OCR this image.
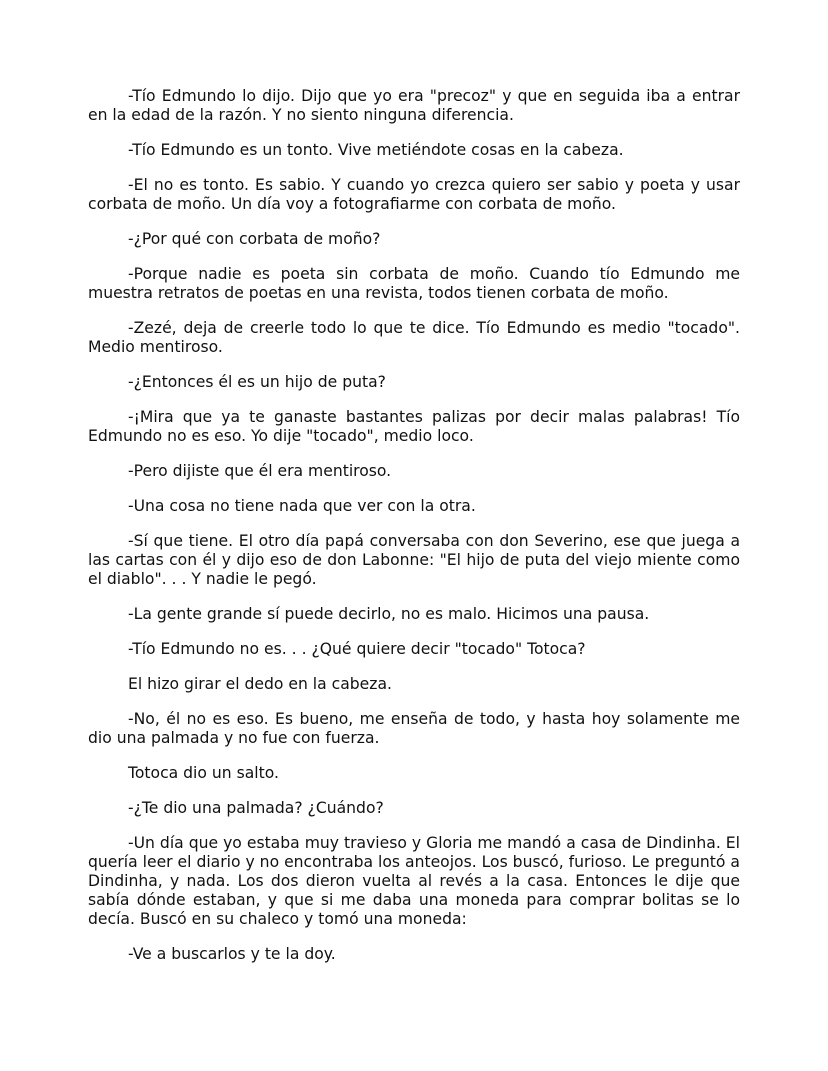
-Tío Edmundo lo dijo. Dijo que yo era "precoz" y que en seguida iba a entrar en la edad de la razón. Y no siento ninguna diferencia.

-Tío Edmundo es un tonto. Vive metiéndote cosas en la cabeza.

-El no es tonto. Es sabio. Y cuando yo crezca quiero ser sabio y poeta y usar corbata de moño. Un día voy a fotografiarme con corbata de moño.

-¿Por qué con corbata de moño?

-Porque nadie es poeta sin corbata de moño. Cuando tío Edmundo me muestra retratos de poetas en una revista, todos tienen corbata de moño.

-Zezé, deja de creerle todo lo que te dice. Tío Edmundo es medio "tocado". Medio mentiroso.

-¿Entonces él es un hijo de puta?

-¡Mira que ya te ganaste bastantes palizas por decir malas palabras! Tío Edmundo no es eso. Yo dije "tocado", medio loco.

-Pero dijiste que él era mentiroso.

-Una cosa no tiene nada que ver con la otra.

-Sí que tiene. El otro día papá conversaba con don Severino, ese que juega a las cartas con él y dijo eso de don Labonne: "El hijo de puta del viejo miente como el diablo". . . Y nadie le pegó.

-La gente grande sí puede decirlo, no es malo. Hicimos una pausa.

-Tío Edmundo no es. . . ¿Qué quiere decir "tocado" Totoca?

El hizo girar el dedo en la cabeza.

-No, él no es eso. Es bueno, me enseña de todo, y hasta hoy solamente me dio una palmada y no fue con fuerza.

Totoca dio un salto.

-¿Te dio una palmada? ¿Cuándo?

-Un día que yo estaba muy travieso y Gloria me mandó a casa de Dindinha. El quería leer el diario y no encontraba los anteojos. Los buscó, furioso. Le preguntó a Dindinha, y nada. Los dos dieron vuelta al revés a la casa. Entonces le dije que sabía dónde estaban, y que si me daba una moneda para comprar bolitas se lo decía. Buscó en su chaleco y tomó una moneda:

-Ve a buscarlos y te la doy.
